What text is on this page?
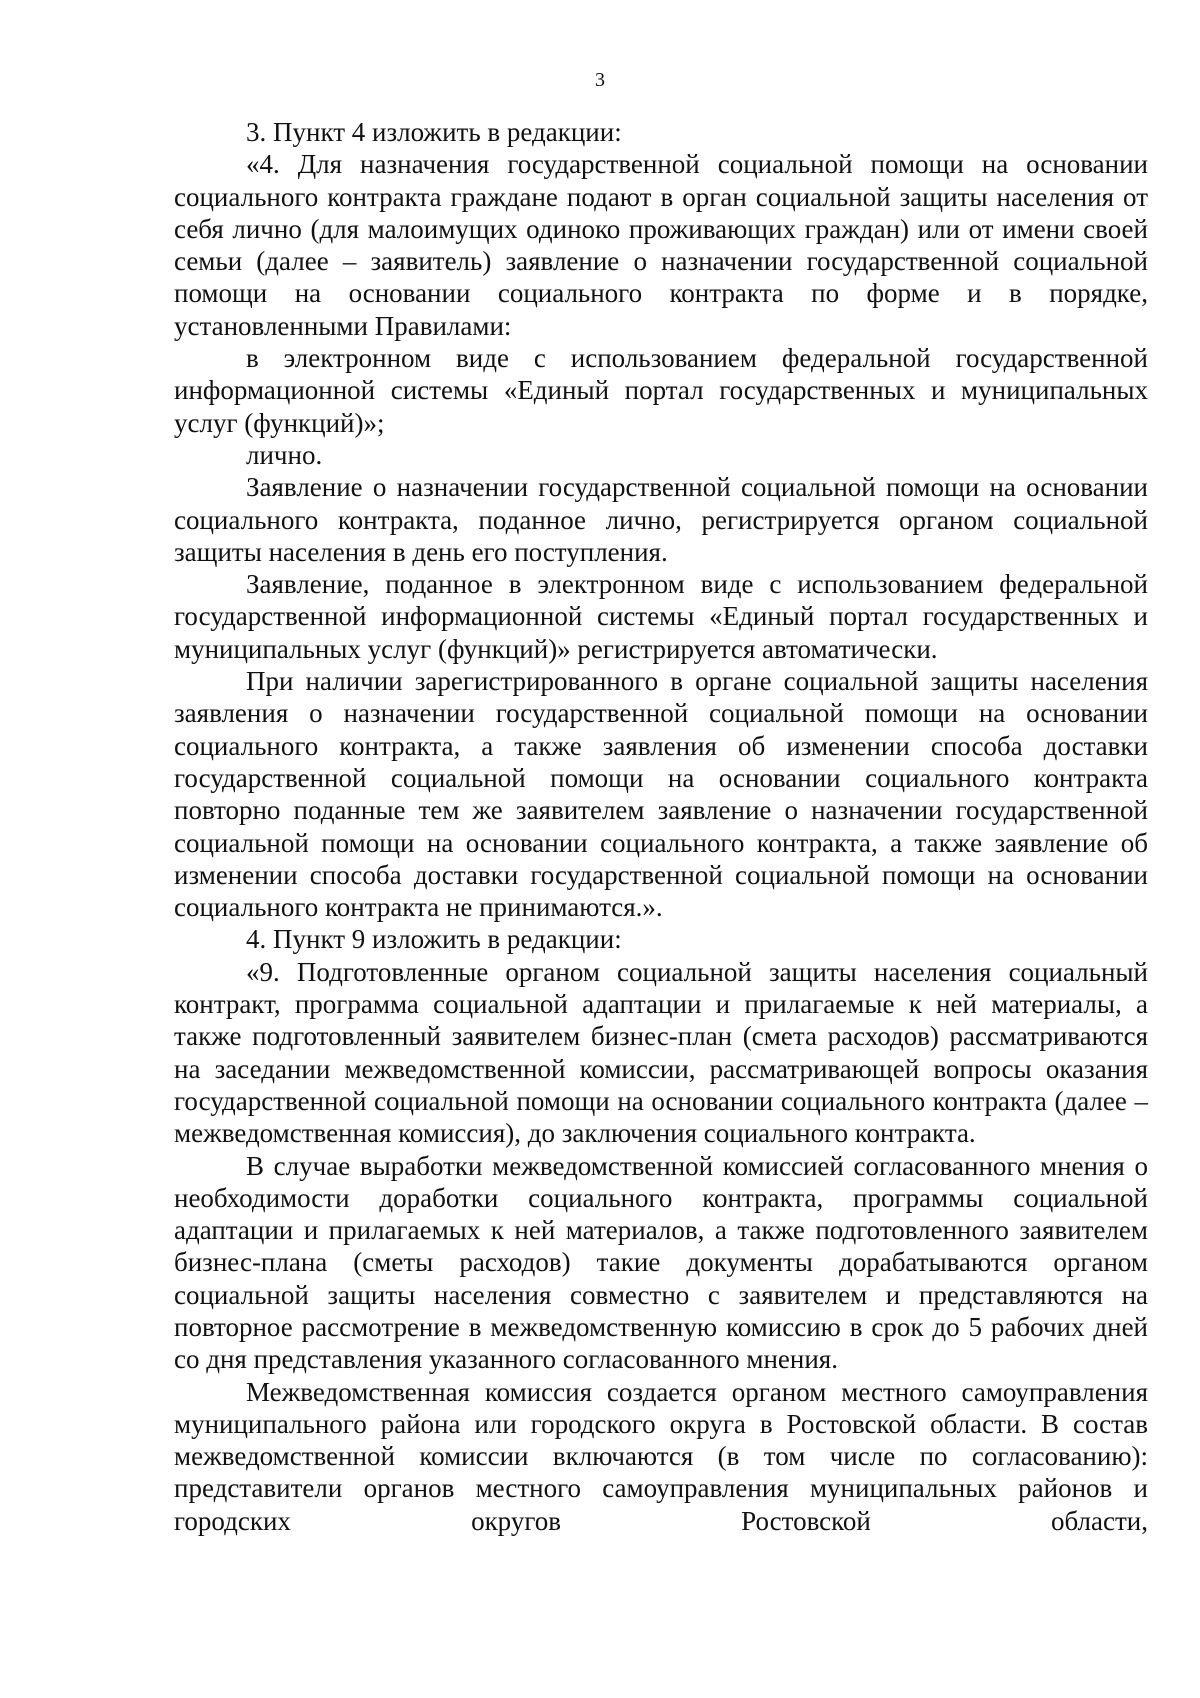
3

3. Пункт 4 изложить в редакции:

«4. Для назначения государственной социальной помощи на основании социального контракта граждане подают в орган социальной защиты населения от себя лично (для малоимущих одиноко проживающих граждан) или от имени своей семьи (далее – заявитель) заявление о назначении государственной социальной помощи на основании социального контракта по форме и в порядке, установленными Правилами:

в электронном виде с использованием федеральной государственной информационной системы «Единый портал государственных и муниципальных услуг (функций)»;

лично.

Заявление о назначении государственной социальной помощи на основании социального контракта, поданное лично, регистрируется органом социальной защиты населения в день его поступления.

Заявление, поданное в электронном виде с использованием федеральной государственной информационной системы «Единый портал государственных и муниципальных услуг (функций)» регистрируется автоматически.

При наличии зарегистрированного в органе социальной защиты населения заявления о назначении государственной социальной помощи на основании социального контракта, а также заявления об изменении способа доставки государственной социальной помощи на основании социального контракта повторно поданные тем же заявителем заявление о назначении государственной социальной помощи на основании социального контракта, а также заявление об изменении способа доставки государственной социальной помощи на основании социального контракта не принимаются.».

4. Пункт 9 изложить в редакции:

«9. Подготовленные органом социальной защиты населения социальный контракт, программа социальной адаптации и прилагаемые к ней материалы, а также подготовленный заявителем бизнес-план (смета расходов) рассматриваются на заседании межведомственной комиссии, рассматривающей вопросы оказания государственной социальной помощи на основании социального контракта (далее – межведомственная комиссия), до заключения социального контракта.

В случае выработки межведомственной комиссией согласованного мнения о необходимости доработки социального контракта, программы социальной адаптации и прилагаемых к ней материалов, а также подготовленного заявителем бизнес-плана (сметы расходов) такие документы дорабатываются органом социальной защиты населения совместно с заявителем и представляются на повторное рассмотрение в межведомственную комиссию в срок до 5 рабочих дней со дня представления указанного согласованного мнения.

Межведомственная комиссия создается органом местного самоуправления муниципального района или городского округа в Ростовской области. В состав межведомственной комиссии включаются (в том числе по согласованию): представители органов местного самоуправления муниципальных районов и городских округов Ростовской области,
